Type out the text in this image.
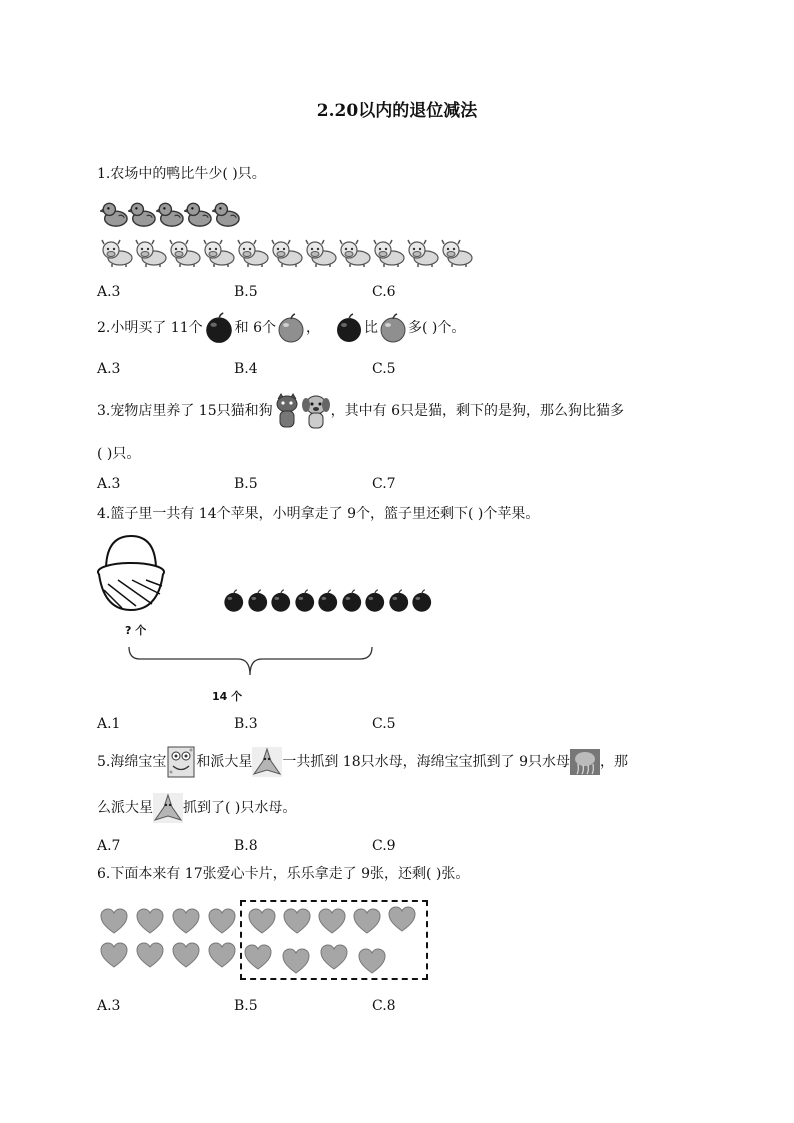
2.20以内的退位减法
1.农场中的鸭比牛少( )只。
A.3	B.5	C.6
2.小明买了 11个 和 6个 ，	比 多( )个。
A.3	B.4	C.5
3.宠物店里养了 15只猫和狗	，其中有 6只是猫，剩下的是狗，那么狗比猫多
( )只。
A.3	B.5	C.7
4.篮子里一共有 14个苹果，小明拿走了 9个，篮子里还剩下( )个苹果。
? 个
14 个
A.1	B.3	C.5
5.海绵宝宝 和派大星 一共抓到 18只水母，海绵宝宝抓到了 9只水母 ，那
么派大星 抓到了( )只水母。
A.7	B.8	C.9
6.下面本来有 17张爱心卡片，乐乐拿走了 9张，还剩( )张。
A.3	B.5	C.8
